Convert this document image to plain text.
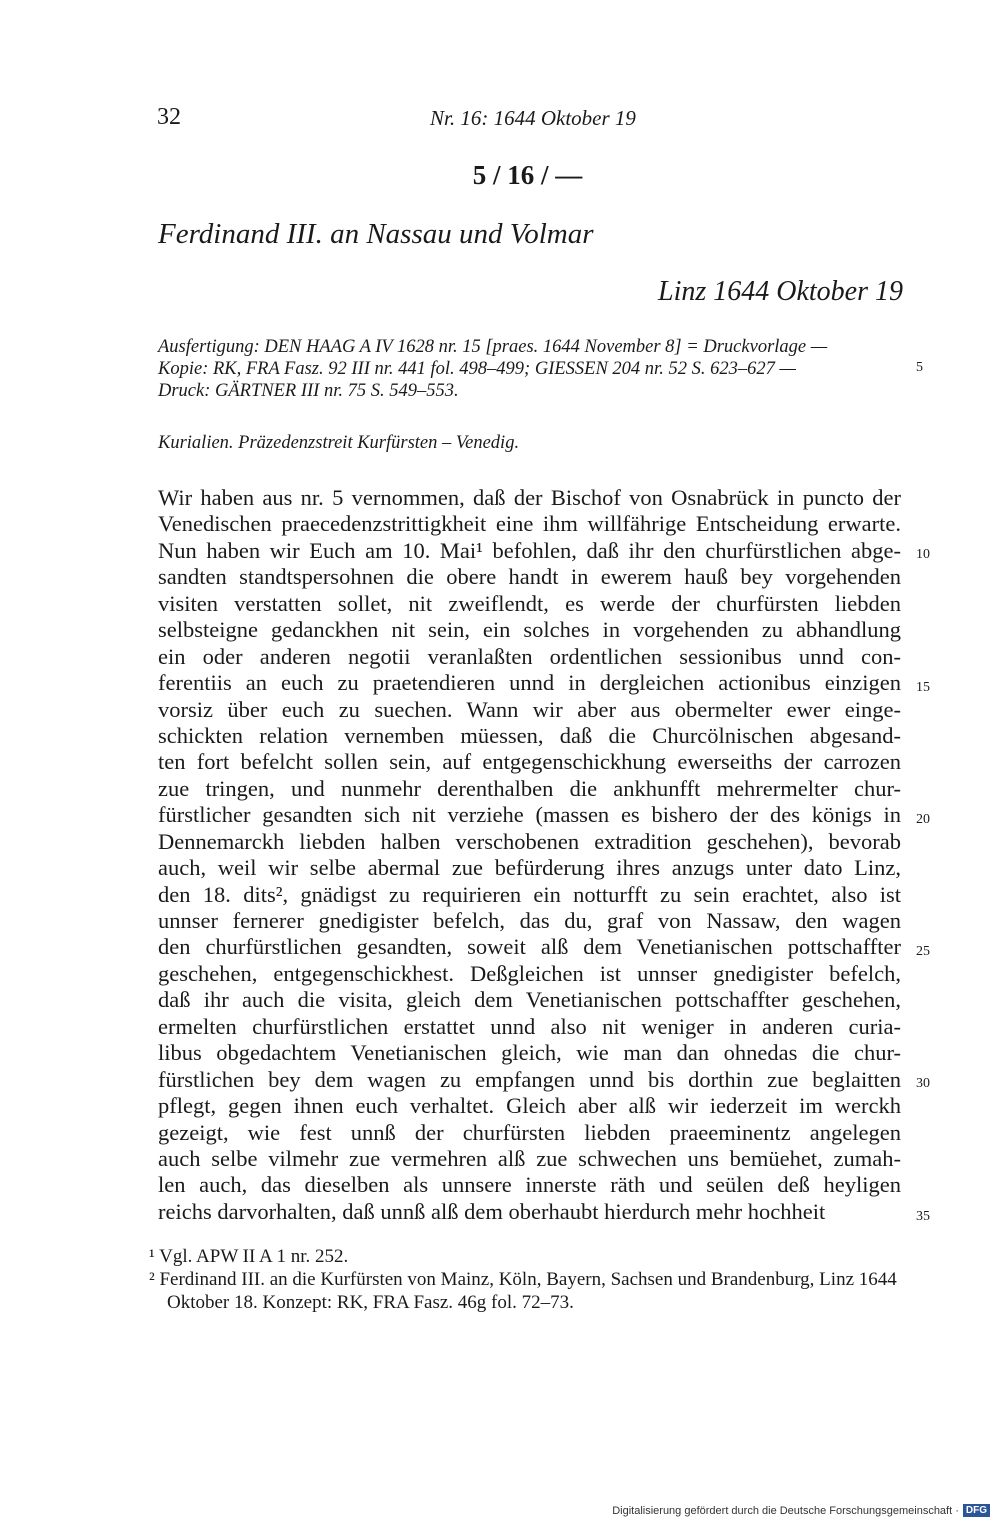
32	Nr. 16: 1644 Oktober 19
5 / 16 / —
Ferdinand III. an Nassau und Volmar
Linz 1644 Oktober 19
Ausfertigung: DEN HAAG A IV 1628 nr. 15 [praes. 1644 November 8] = Druckvorlage —
Kopie: RK, FRA Fasz. 92 III nr. 441 fol. 498–499; GIESSEN 204 nr. 52 S. 623–627 —
Druck: GÄRTNER III nr. 75 S. 549–553.
5
Kurialien. Präzedenzstreit Kurfürsten – Venedig.
Wir haben aus nr. 5 vernommen, daß der Bischof von Osnabrück in puncto der
Venedischen praecedenzstrittigkheit eine ihm willfährige Entscheidung erwarte.
Nun haben wir Euch am 10. Mai¹ befohlen, daß ihr den churfürstlichen abge-
sandten standtspersohnen die obere handt in ewerem hauß bey vorgehenden
visiten verstatten sollet, nit zweiflendt, es werde der churfürsten liebden
selbsteigne gedanckhen nit sein, ein solches in vorgehenden zu abhandlung
ein oder anderen negotii veranlaßten ordentlichen sessionibus unnd con-
ferentiis an euch zu praetendieren unnd in dergleichen actionibus einzigen
vorsiz über euch zu suechen. Wann wir aber aus obermelter ewer einge-
schickten relation vernemben müessen, daß die Churcölnischen abgesand-
ten fort befelcht sollen sein, auf entgegenschickhung ewerseiths der carrozen
zue tringen, und nunmehr derenthalben die ankhunfft mehrermelter chur-
fürstlicher gesandten sich nit verziehe (massen es bishero der des königs in
Dennemarckh liebden halben verschobenen extradition geschehen), bevorab
auch, weil wir selbe abermal zue befürderung ihres anzugs unter dato Linz,
den 18. dits², gnädigst zu requirieren ein notturfft zu sein erachtet, also ist
unnser fernerer gnedigister befelch, das du, graf von Nassaw, den wagen
den churfürstlichen gesandten, soweit alß dem Venetianischen pottschaffter
geschehen, entgegenschickhest. Deßgleichen ist unnser gnedigister befelch,
daß ihr auch die visita, gleich dem Venetianischen pottschaffter geschehen,
ermelten churfürstlichen erstattet unnd also nit weniger in anderen curia-
libus obgedachtem Venetianischen gleich, wie man dan ohnedas die chur-
fürstlichen bey dem wagen zu empfangen unnd bis dorthin zue beglaitten
pflegt, gegen ihnen euch verhaltet. Gleich aber alß wir iederzeit im werckh
gezeigt, wie fest unnß der churfürsten liebden praeeminentz angelegen
auch selbe vilmehr zue vermehren alß zue schwechen uns bemüehet, zumah-
len auch, das dieselben als unnsere innerste räth und seülen deß heyligen
reichs darvorhalten, daß unnß alß dem oberhaubt hierdurch mehr hochheit
10
15
20
25
30
35
¹ Vgl. APW II A 1 nr. 252.
² Ferdinand III. an die Kurfürsten von Mainz, Köln, Bayern, Sachsen und Brandenburg, Linz 1644
Oktober 18. Konzept: RK, FRA Fasz. 46g fol. 72–73.
Digitalisierung gefördert durch die Deutsche Forschungsgemeinschaft · DFG
